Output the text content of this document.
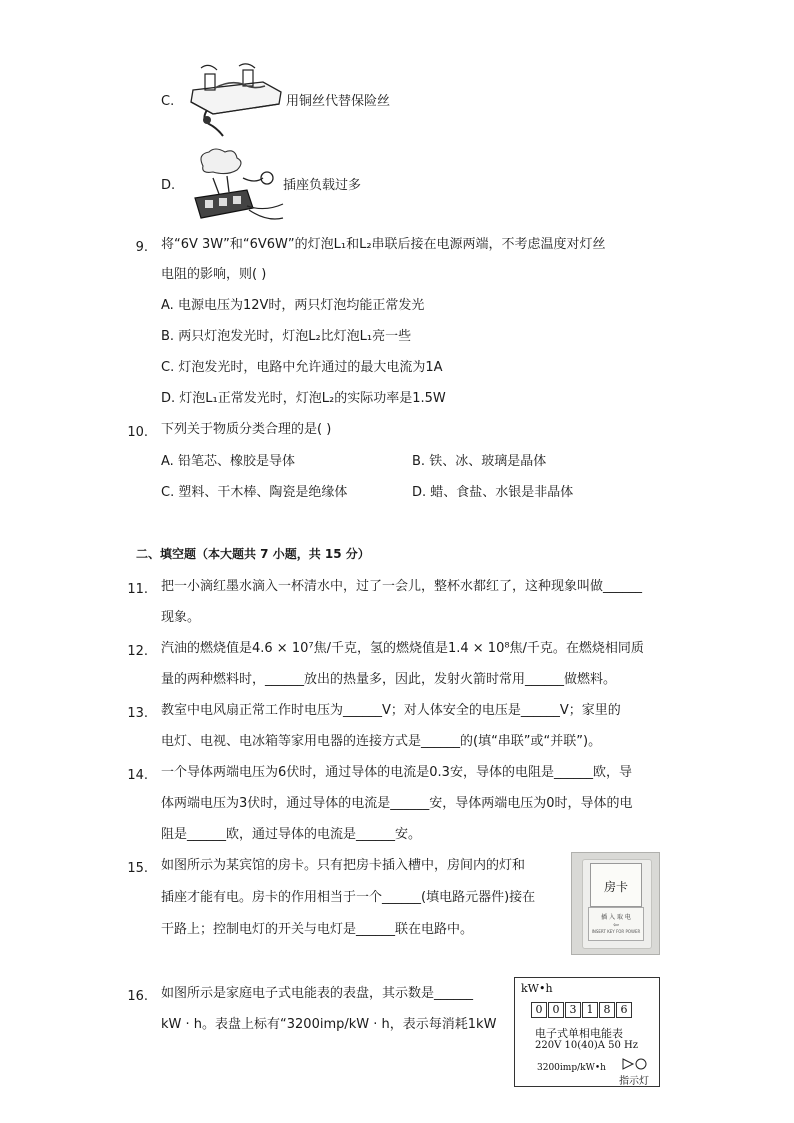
C.	用铜丝代替保险丝
D.	插座负载过多
9. 将“6V 3W”和“6V6W”的灯泡L₁和L₂串联后接在电源两端，不考虑温度对灯丝
电阻的影响，则( )
A. 电源电压为12V时，两只灯泡均能正常发光
B. 两只灯泡发光时，灯泡L₂比灯泡L₁亮一些
C. 灯泡发光时，电路中允许通过的最大电流为1A
D. 灯泡L₁正常发光时，灯泡L₂的实际功率是1.5W
10. 下列关于物质分类合理的是( )
A. 铅笔芯、橡胶是导体	B. 铁、冰、玻璃是晶体
C. 塑料、干木棒、陶瓷是绝缘体	D. 蜡、食盐、水银是非晶体
二、填空题（本大题共 7 小题，共 15 分）
11. 把一小滴红墨水滴入一杯清水中，过了一会儿，整杯水都红了，这种现象叫做______
现象。
12. 汽油的燃烧值是4.6 × 10⁷焦/千克，氢的燃烧值是1.4 × 10⁸焦/千克。在燃烧相同质
量的两种燃料时，______放出的热量多，因此，发射火箭时常用______做燃料。
13. 教室中电风扇正常工作时电压为______V；对人体安全的电压是______V；家里的
电灯、电视、电冰箱等家用电器的连接方式是______的(填“串联”或“并联”)。
14. 一个导体两端电压为6伏时，通过导体的电流是0.3安，导体的电阻是______欧，导
体两端电压为3伏时，通过导体的电流是______安，导体两端电压为0时，导体的电
阻是______欧，通过导体的电流是______安。
15. 如图所示为某宾馆的房卡。只有把房卡插入槽中，房间内的灯和
插座才能有电。房卡的作用相当于一个______(填电路元器件)接在
干路上；控制电灯的开关与电灯是______联在电路中。
房卡
插 入 取 电
⇦
INSERT KEY FOR POWER
16. 如图所示是家庭电子式电能表的表盘，其示数是______
kW · h。表盘上标有“3200imp/kW · h，表示每消耗1kW
kW•h
0 0 3 1 8 6
电子式单相电能表
220V 10(40)A 50 Hz
3200imp/kW•h
指示灯
